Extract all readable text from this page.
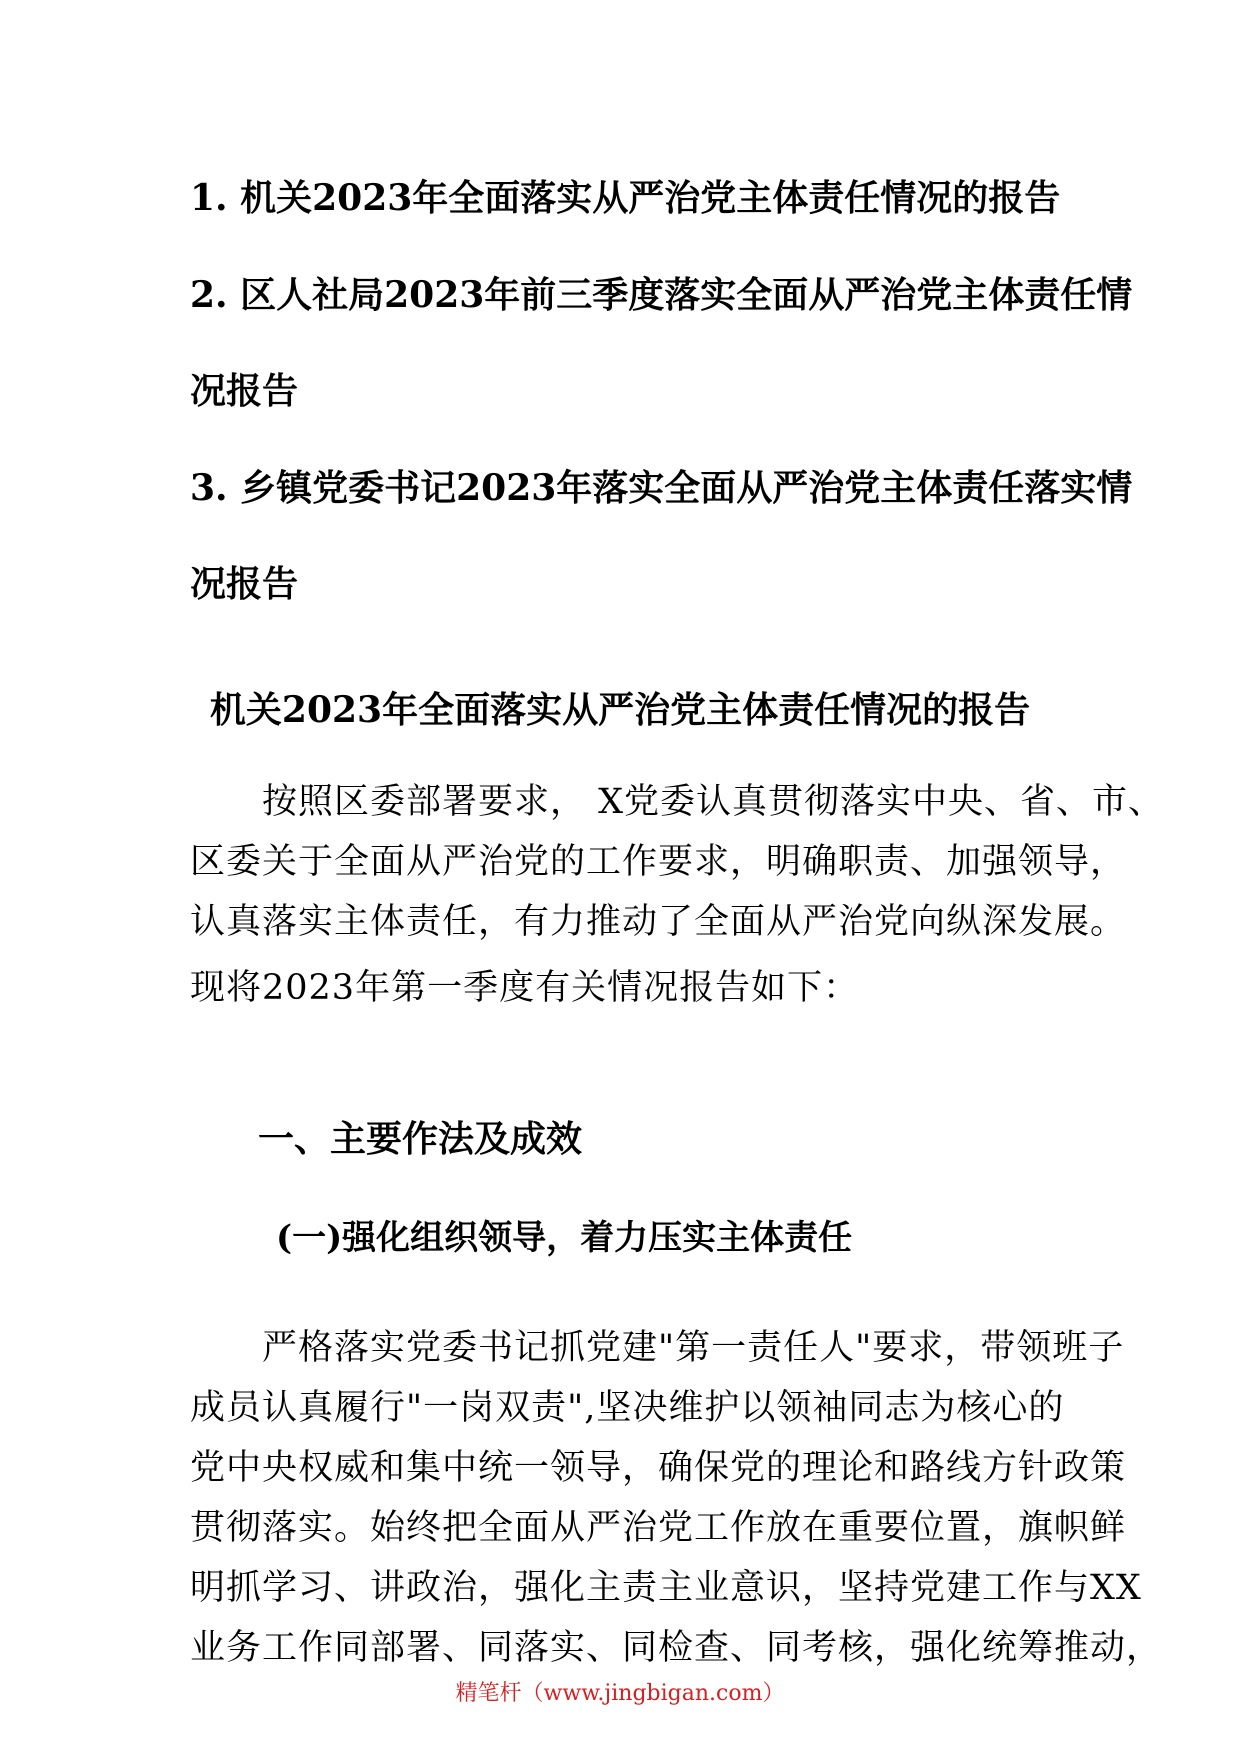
1. 机关2023年全面落实从严治党主体责任情况的报告

2. 区人社局2023年前三季度落实全面从严治党主体责任情
况报告

3. 乡镇党委书记2023年落实全面从严治党主体责任落实情
况报告

机关2023年全面落实从严治党主体责任情况的报告
　　按照区委部署要求， X党委认真贯彻落实中央、省、市、
区委关于全面从严治党的工作要求，明确职责、加强领导，
认真落实主体责任，有力推动了全面从严治党向纵深发展。
现将2023年第一季度有关情况报告如下：
一、主要作法及成效
(一)强化组织领导，着力压实主体责任
　　严格落实党委书记抓党建"第一责任人"要求，带领班子
成员认真履行"一岗双责",坚决维护以领袖同志为核心的
党中央权威和集中统一领导，确保党的理论和路线方针政策
贯彻落实。始终把全面从严治党工作放在重要位置，旗帜鲜
明抓学习、讲政治，强化主责主业意识，坚持党建工作与XX
业务工作同部署、同落实、同检查、同考核，强化统筹推动，

精笔杆（www.jingbigan.com）
